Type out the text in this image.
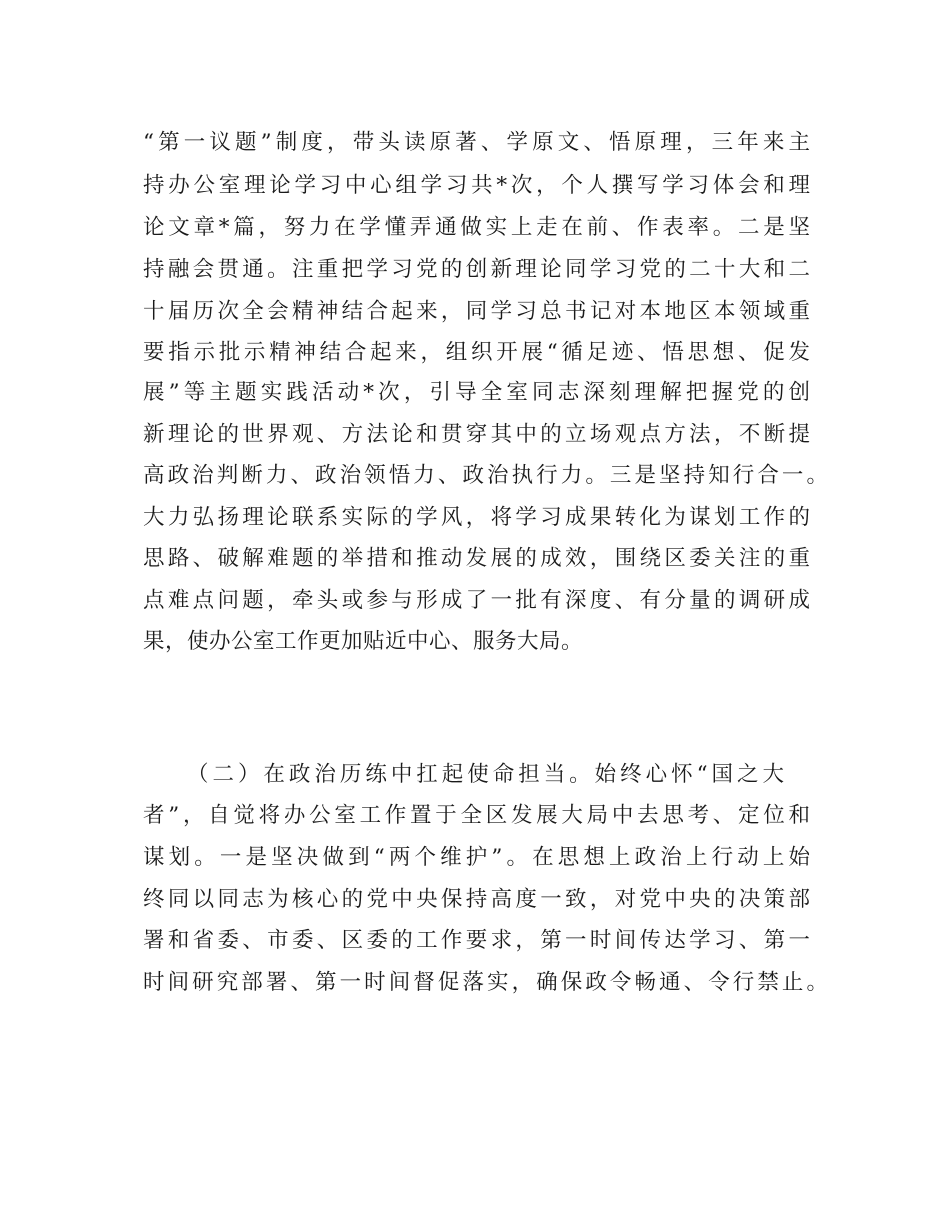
“第一议题”制度，带头读原著、学原文、悟原理，三年来主
持办公室理论学习中心组学习共*次，个人撰写学习体会和理
论文章*篇，努力在学懂弄通做实上走在前、作表率。二是坚
持融会贯通。注重把学习党的创新理论同学习党的二十大和二
十届历次全会精神结合起来，同学习总书记对本地区本领域重
要指示批示精神结合起来，组织开展“循足迹、悟思想、促发
展”等主题实践活动*次，引导全室同志深刻理解把握党的创
新理论的世界观、方法论和贯穿其中的立场观点方法，不断提
高政治判断力、政治领悟力、政治执行力。三是坚持知行合一。
大力弘扬理论联系实际的学风，将学习成果转化为谋划工作的
思路、破解难题的举措和推动发展的成效，围绕区委关注的重
点难点问题，牵头或参与形成了一批有深度、有分量的调研成
果，使办公室工作更加贴近中心、服务大局。
（二）在政治历练中扛起使命担当。始终心怀“国之大
者”，自觉将办公室工作置于全区发展大局中去思考、定位和
谋划。一是坚决做到“两个维护”。在思想上政治上行动上始
终同以同志为核心的党中央保持高度一致，对党中央的决策部
署和省委、市委、区委的工作要求，第一时间传达学习、第一
时间研究部署、第一时间督促落实，确保政令畅通、令行禁止。
